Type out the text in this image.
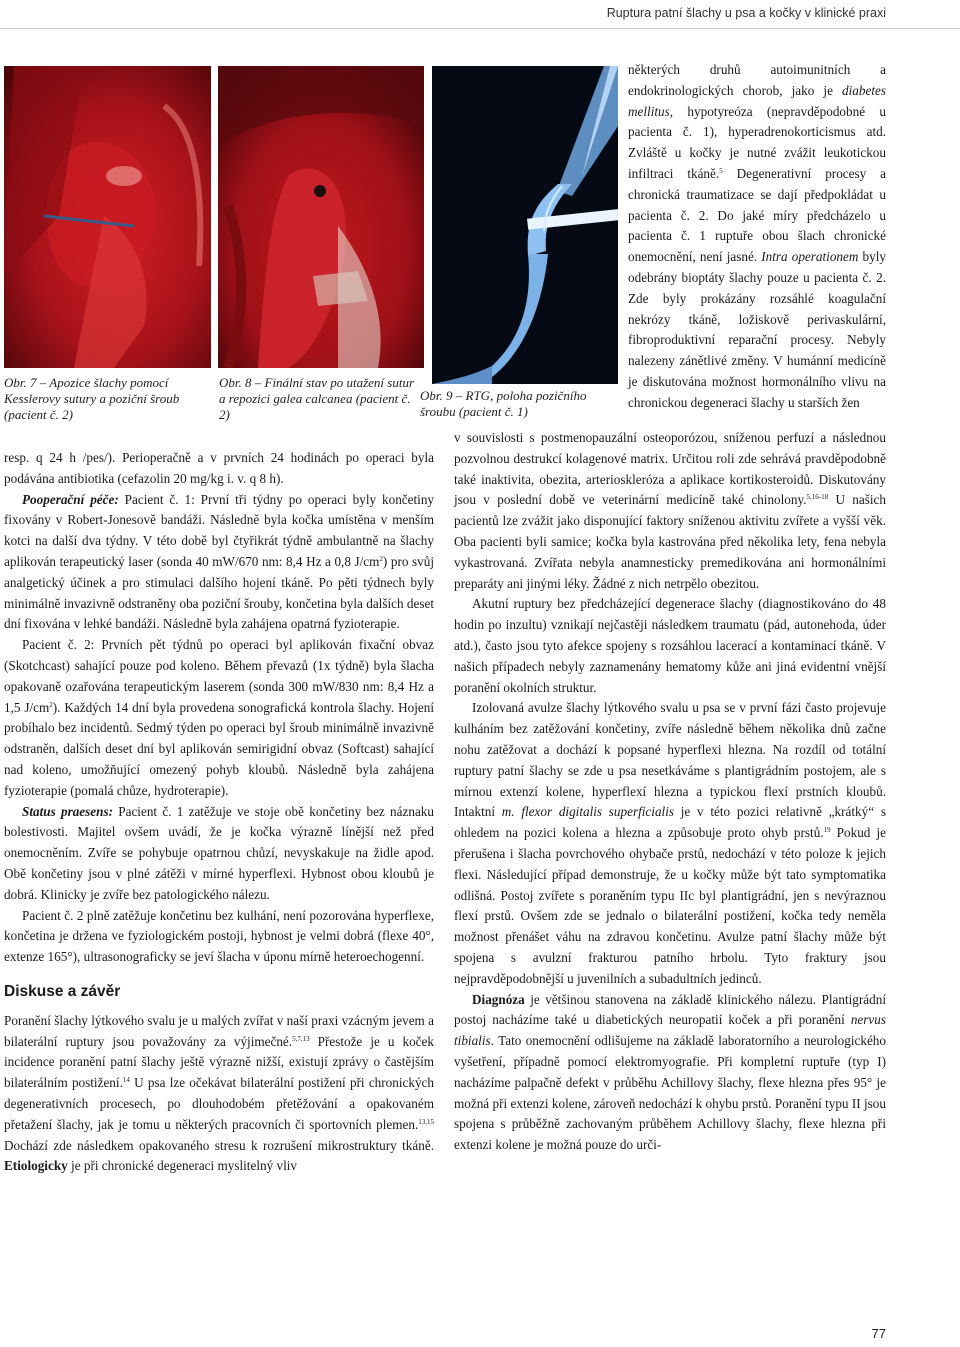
Ruptura patní šlachy u psa a kočky v klinické praxi
Obr. 7 – Apozice šlachy pomocí Kesslerovy sutury a poziční šroub (pacient č. 2)
Obr. 8 – Finální stav po utažení sutur a repozici galea calcanea (pacient č. 2)
Obr. 9 – RTG, poloha pozičního šroubu (pacient č. 1)

některých druhů autoimunitních a endokrinologických chorob, jako je diabetes mellitus, hypotyreóza (nepravděpodobné u pacienta č. 1), hyperadrenokorticismus atd. Zvláště u kočky je nutné zvážit leukotickou infiltraci tkáně.$^5$ Degenerativní procesy a chronická traumatizace se dají předpokládat u pacienta č. 2. Do jaké míry předcházelo u pacienta č. 1 ruptuře obou šlach chronické onemocnění, není jasné. Intra operationem byly odebrány bioptáty šlachy pouze u pacienta č. 2. Zde byly prokázány rozsáhlé koagulační nekrózy tkáně, ložiskově perivaskulární, fibroproduktivní reparační procesy. Nebyly nalezeny zánětlivé změny. V humánní medicíně je diskutována možnost hormonálního vlivu na chronickou degeneraci šlachy u starších žen

resp. q 24 h /pes/). Perioperačně a v prvních 24 hodinách po operaci byla podávána antibiotika (cefazolin 20 mg/kg i. v. q 8 h).

Pooperační péče: Pacient č. 1: První tři týdny po operaci byly končetiny fixovány v Robert-Jonesově bandáži. Následně byla kočka umístěna v menším kotci na další dva týdny. V této době byl čtyřikrát týdně ambulantně na šlachy aplikován terapeutický laser (sonda 40 mW/670 nm: 8,4 Hz a 0,8 $J/cm^2$) pro svůj analgetický účinek a pro stimulaci dalšího hojení tkáně. Po pěti týdnech byly minimálně invazivně odstraněny oba poziční šrouby, končetina byla dalších deset dní fixována v lehké bandáži. Následně byla zahájena opatrná fyzioterapie.

Pacient č. 2: Prvních pět týdnů po operaci byl aplikován fixační obvaz (Skotchcast) sahající pouze pod koleno. Během převazů (1x týdně) byla šlacha opakovaně ozařována terapeutickým laserem (sonda 300 mW/830 nm: 8,4 Hz a 1,5 $J/cm^2$). Každých 14 dní byla provedena sonografická kontrola šlachy. Hojení probíhalo bez incidentů. Sedmý týden po operaci byl šroub minimálně invazivně odstraněn, dalších deset dní byl aplikován semirigidní obvaz (Softcast) sahající nad koleno, umožňující omezený pohyb kloubů. Následně byla zahájena fyzioterapie (pomalá chůze, hydroterapie).

Status praesens: Pacient č. 1 zatěžuje ve stoje obě končetiny bez náznaku bolestivosti. Majitel ovšem uvádí, že je kočka výrazně línější než před onemocněním. Zvíře se pohybuje opatrnou chůzí, nevyskakuje na židle apod. Obě končetiny jsou v plné zátěži v mírné hyperflexi. Hybnost obou kloubů je dobrá. Klinicky je zvíře bez patologického nálezu.

Pacient č. 2 plně zatěžuje končetinu bez kulhání, není pozorována hyperflexe, končetina je držena ve fyziologickém postoji, hybnost je velmi dobrá (flexe 40°, extenze 165°), ultrasonograficky se jeví šlacha v úponu mírně heteroechogenní.

Diskuse a závěr

Poranění šlachy lýtkového svalu je u malých zvířat v naší praxi vzácným jevem a bilaterální ruptury jsou považovány za výjimečné.$^{5,7,13}$ Přestože je u koček incidence poranění patní šlachy ještě výrazně nižší, existují zprávy o častějším bilaterálním postižení.$^{14}$ U psa lze očekávat bilaterální postižení při chronických degenerativních procesech, po dlouhodobém přetěžování a opakovaném přetažení šlachy, jak je tomu u některých pracovních či sportovních plemen.$^{13,15}$ Dochází zde následkem opakovaného stresu k rozrušení mikrostruktury tkáně. Etiologicky je při chronické degeneraci myslitelný vliv

v souvislosti s postmenopauzální osteoporózou, sníženou perfuzí a následnou pozvolnou destrukcí kolagenové matrix. Určitou roli zde sehrává pravděpodobně také inaktivita, obezita, arterioskleróza a aplikace kortikosteroidů. Diskutovány jsou v poslední době ve veterinární medicíně také chinolony.$^{5,16-18}$ U našich pacientů lze zvážit jako disponující faktory sníženou aktivitu zvířete a vyšší věk. Oba pacienti byli samice; kočka byla kastrována před několika lety, fena nebyla vykastrovaná. Zvířata nebyla anamnesticky premedikována ani hormonálními preparáty ani jinými léky. Žádné z nich netrpělo obezitou.

Akutní ruptury bez předcházející degenerace šlachy (diagnostikováno do 48 hodin po inzultu) vznikají nejčastěji následkem traumatu (pád, autonehoda, úder atd.), často jsou tyto afekce spojeny s rozsáhlou lacerací a kontaminací tkáně. V našich případech nebyly zaznamenány hematomy kůže ani jiná evidentní vnější poranění okolních struktur.

Izolovaná avulze šlachy lýtkového svalu u psa se v první fázi často projevuje kulháním bez zatěžování končetiny, zvíře následně během několika dnů začne nohu zatěžovat a dochází k popsané hyperflexi hlezna. Na rozdíl od totální ruptury patní šlachy se zde u psa nesetkáváme s plantigrádním postojem, ale s mírnou extenzí kolene, hyperflexí hlezna a typickou flexí prstních kloubů. Intaktní m. flexor digitalis superficialis je v této pozici relativně „krátký“ s ohledem na pozici kolena a hlezna a způsobuje proto ohyb prstů.$^{19}$ Pokud je přerušena i šlacha povrchového ohybače prstů, nedochází v této poloze k jejich flexi. Následující případ demonstruje, že u kočky může být tato symptomatika odlišná. Postoj zvířete s poraněním typu IIc byl plantigrádní, jen s nevýraznou flexí prstů. Ovšem zde se jednalo o bilaterální postižení, kočka tedy neměla možnost přenášet váhu na zdravou končetinu. Avulze patní šlachy může být spojena s avulzní frakturou patního hrbolu. Tyto fraktury jsou nejpravděpodobnější u juvenilních a subadultních jedinců.

Diagnóza je většinou stanovena na základě klinického nálezu. Plantigrádní postoj nacházíme také u diabetických neuropatií koček a při poranění nervus tibialis. Tato onemocnění odlišujeme na základě laboratorního a neurologického vyšetření, případně pomocí elektromyografie. Při kompletní ruptuře (typ I) nacházíme palpačně defekt v průběhu Achillovy šlachy, flexe hlezna přes 95° je možná při extenzi kolene, zároveň nedochází k ohybu prstů. Poranění typu II jsou spojena s průběžně zachovaným průběhem Achillovy šlachy, flexe hlezna při extenzi kolene je možná pouze do urči-

77
